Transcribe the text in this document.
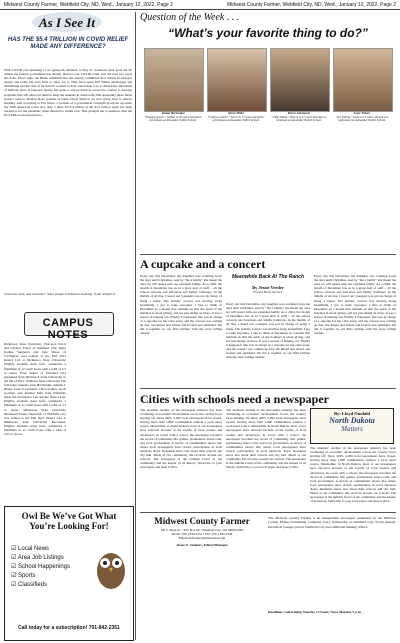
Midwest County Farmer, Webfield City, ND, Wed., January 12, 2022, Page 2	Midwest County Farmer, Webfield City, ND, Wed., January 12, 2022, Page 2
As I See It
HAS THE $5.4 TRILLION IN COVID RELIEF MADE ANY DIFFERENCE?
With COVID rate upticking to its spring-ish numbers, it may be wondered what good the $5 trillion the federal government has already plowed over COVID relief over the past two years has done. That’s right, the Biden administration has already committed $5.4 trillion in taxpayer money and really has very little to show for it. They have spent $70 billion developing and distributing test kits that as far haven’t worked to have found their way to Americans. Hundreds of millions more in taxpayer money has gone to school districts across the country to develop programs that will allow for them to keep the students in classrooms. But apparently those funds weren’t used to develop those systems as some school districts are now going back to remote learning. And according to Fox News, a website of a government oversight group set up under the 2020 American Cares Act, only a mere $155.4 billion of the $5.4 trillion spent has been tracked as for the pandemic when directed to health care. That prompts me to question what the $5.4 trillion was invested in...
Until next week, and remember: Some people will believe anything, if you whisper it.
CAMPUS NOTES
Dickinson State University Princeton Davis and Lindsay Potter of Webfield City, Riley Kadlee Vanguard and Jade Wiese of Carrington were named to the Fall 2021 Dean’s List at Dickinson State University. Eligible students must have completed a minimum of 12 credit hours with a GPA of 3.5 or better. Evan Peltier of Webfield City graduated from Dickinson State University in the fall of 2021. Williston State University The following students from Hatchridge, Amelia J. Burke, Josie Jo Gerhardt, Chloe Soulier, Jacob Gorham, and Jennifer Pahl from Webfield, made the President’s List and the Dean’s List. Eligible students must have completed a minimum of 12 credit hours with a GPA of 3.5 or better. Minnesota State University Moorhead Tanner Skartvedt of Webfield City was named to the Fall 2021 Dean’s List at Minnesota State University Moorhead. Eligible students must have completed a minimum of 12 credit hours with a GPA of 3.25 or above.
Owl Be We’ve Got What You’re Looking For!
☑ Local News
☑ Area Job Listings
☑ School Happenings
☑ Sports
☑ Classifieds
Call today for a subscription! 701-842-2351
Question of the Week . . .
“What’s your favorite thing to do?”
Jordan Hernandez
“Playing sports.” Jordan is 18 years old and is a freshman at Alexander Public School.
Sierra Miller
“Listen to music.” Sierra is 17 years old and is a freshman at Alexander Public School.
Kierra Johannsen
“I like hiking.” Kierra is 15 years old and is a freshman at Alexander Public School.
Isaac Wilson
“Ice fishing.” Isaac is 15 years old and is a sophomore at Alexander Public School.
A cupcake and a concert
Meanwhile Back At The Ranch
By Jessie Veeder
Forum News Service
Every day this December, my daughter was counting down the days until Christmas. And by “the a family” she meant the ones we will spend with our extended family. As a child, the month of December has us in a great deal of stuff – all the school concerts and functions and family traditions. In the middle of all that, I heard our youngest was put in charge of being a baker. The holiday concert was moving along beautifully. I got to bake cupcakes. I like to think of December as a month that reminds us that the spirit of the holidays is about giving, and not just taking on more. It was a season of helping out. Finally it happened. She was in charge of a cupcake for her class party, and the concert was coming up fast. We mixed and stirred and frosted and sprinkled. We did it together, in our little kitchen with the snow falling outside.
Every day this December, my daughter was counting down the days until Christmas. And by “the a family” she meant the ones we will spend with our extended family. As a child, the month of December has us in a great deal of stuff – all the school concerts and functions and family traditions. In the middle of all that, I heard our youngest was put in charge of being a baker. The holiday concert was moving along beautifully. I got to bake cupcakes. I like to think of December as a month that reminds us that the spirit of the holidays is about giving, and not just taking on more. It was a season of helping out. Finally it happened. She was in charge of a cupcake for her class party, and the concert was coming up fast. We mixed and stirred and frosted and sprinkled. We did it together, in our little kitchen with the snow falling outside.
Every day this December, my daughter was counting down the days until Christmas. And by “the a family” she meant the ones we will spend with our extended family. As a child, the month of December has us in a great deal of stuff – all the school concerts and functions and family traditions. In the middle of all that, I heard our youngest was put in charge of being a baker. The holiday concert was moving along beautifully. I got to bake cupcakes. I like to think of December as a month that reminds us that the spirit of the holidays is about giving, and not just taking on more. It was a season of helping out. Finally it happened. She was in charge of a cupcake for her class party, and the concert was coming up fast. We mixed and stirred and frosted and sprinkled. We did it together, in our little kitchen with the snow falling outside.
Cities with schools need a newspaper
By: Lloyd Omdahl
North Dakota
Matters
The dramatic decline of the newspaper industry has been continuing as economic development across the country faces holding off. Since 2005, 2,200 local newspapers have closed, leaving more than 1,800 communities without a local news source. Meanwhile, in North Dakota, most of our newspapers have survived because of the loyalty of local readers and advertisers. In towns with a school, the newspaper becomes the record of community life: games, graduations, honor rolls, and local government. A survey of communities shows that where local newspapers have closed, participation in local elections drops. Residents know less about their schools and city hall. Much of our community life revolves around our schools. The newspaper is the bulletin board of the community and the keeper of its history. Subscribe to your local paper and keep it alive.
The dramatic decline of the newspaper industry has been continuing as economic development across the country faces holding off. Since 2005, 2,200 local newspapers have closed, leaving more than 1,800 communities without a local news source. Meanwhile, in North Dakota, most of our newspapers have survived because of the loyalty of local readers and advertisers. In towns with a school, the newspaper becomes the record of community life: games, graduations, honor rolls, and local government. A survey of communities shows that where local newspapers have closed, participation in local elections drops. Residents know less about their schools and city hall. Much of our community life revolves around our schools. The newspaper is the bulletin board of the community and the keeper of its history. Subscribe to your local paper and keep it alive.
The dramatic decline of the newspaper industry has been continuing as economic development across the country faces holding off. Since 2005, 2,200 local newspapers have closed, leaving more than 1,800 communities without a local news source. Meanwhile, in North Dakota, most of our newspapers have survived because of the loyalty of local readers and advertisers. In towns with a school, the newspaper becomes the record of community life: games, graduations, honor rolls, and local government. A survey of communities shows that where local newspapers have closed, participation in local elections drops. Residents know less about their schools and city hall. Much of our community life revolves around our schools. The newspaper is the bulletin board of the community and the keeper of its history. Subscribe to your local paper and keep it alive.
Midwest County Farmer
126 S. Main St. • P.O. Box 89 • Webfield City, ND 58854-0097
Phone: (701) 842-2351 • Fax: (701) 842-4346
Email: mcfarmer@midwestnd.com
Jessie N. Sanders, Editor/Manager
The Midwest County Farmer is an independent newspaper published by the Midwest County Farmer Publishing Company every Wednesday at Webfield City, North Dakota. Periodical postage paid at Webfield City and additional mailing offices.
Deadlines: Advertising Tuesday 12 Noon; News Monday 5 p.m.
